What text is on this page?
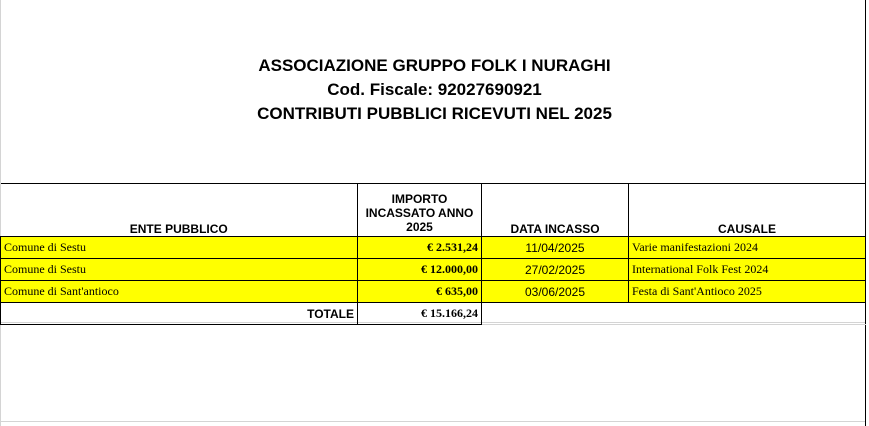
ASSOCIAZIONE GRUPPO FOLK I NURAGHI
Cod. Fiscale: 92027690921
CONTRIBUTI PUBBLICI RICEVUTI NEL 2025
ENTE PUBBLICO	IMPORTO INCASSATO ANNO 2025	DATA INCASSO	CAUSALE
Comune di Sestu	€ 2.531,24	11/04/2025	Varie manifestazioni 2024
Comune di Sestu	€ 12.000,00	27/02/2025	International Folk Fest 2024
Comune di Sant'antioco	€ 635,00	03/06/2025	Festa di Sant'Antioco 2025
TOTALE	€ 15.166,24		
